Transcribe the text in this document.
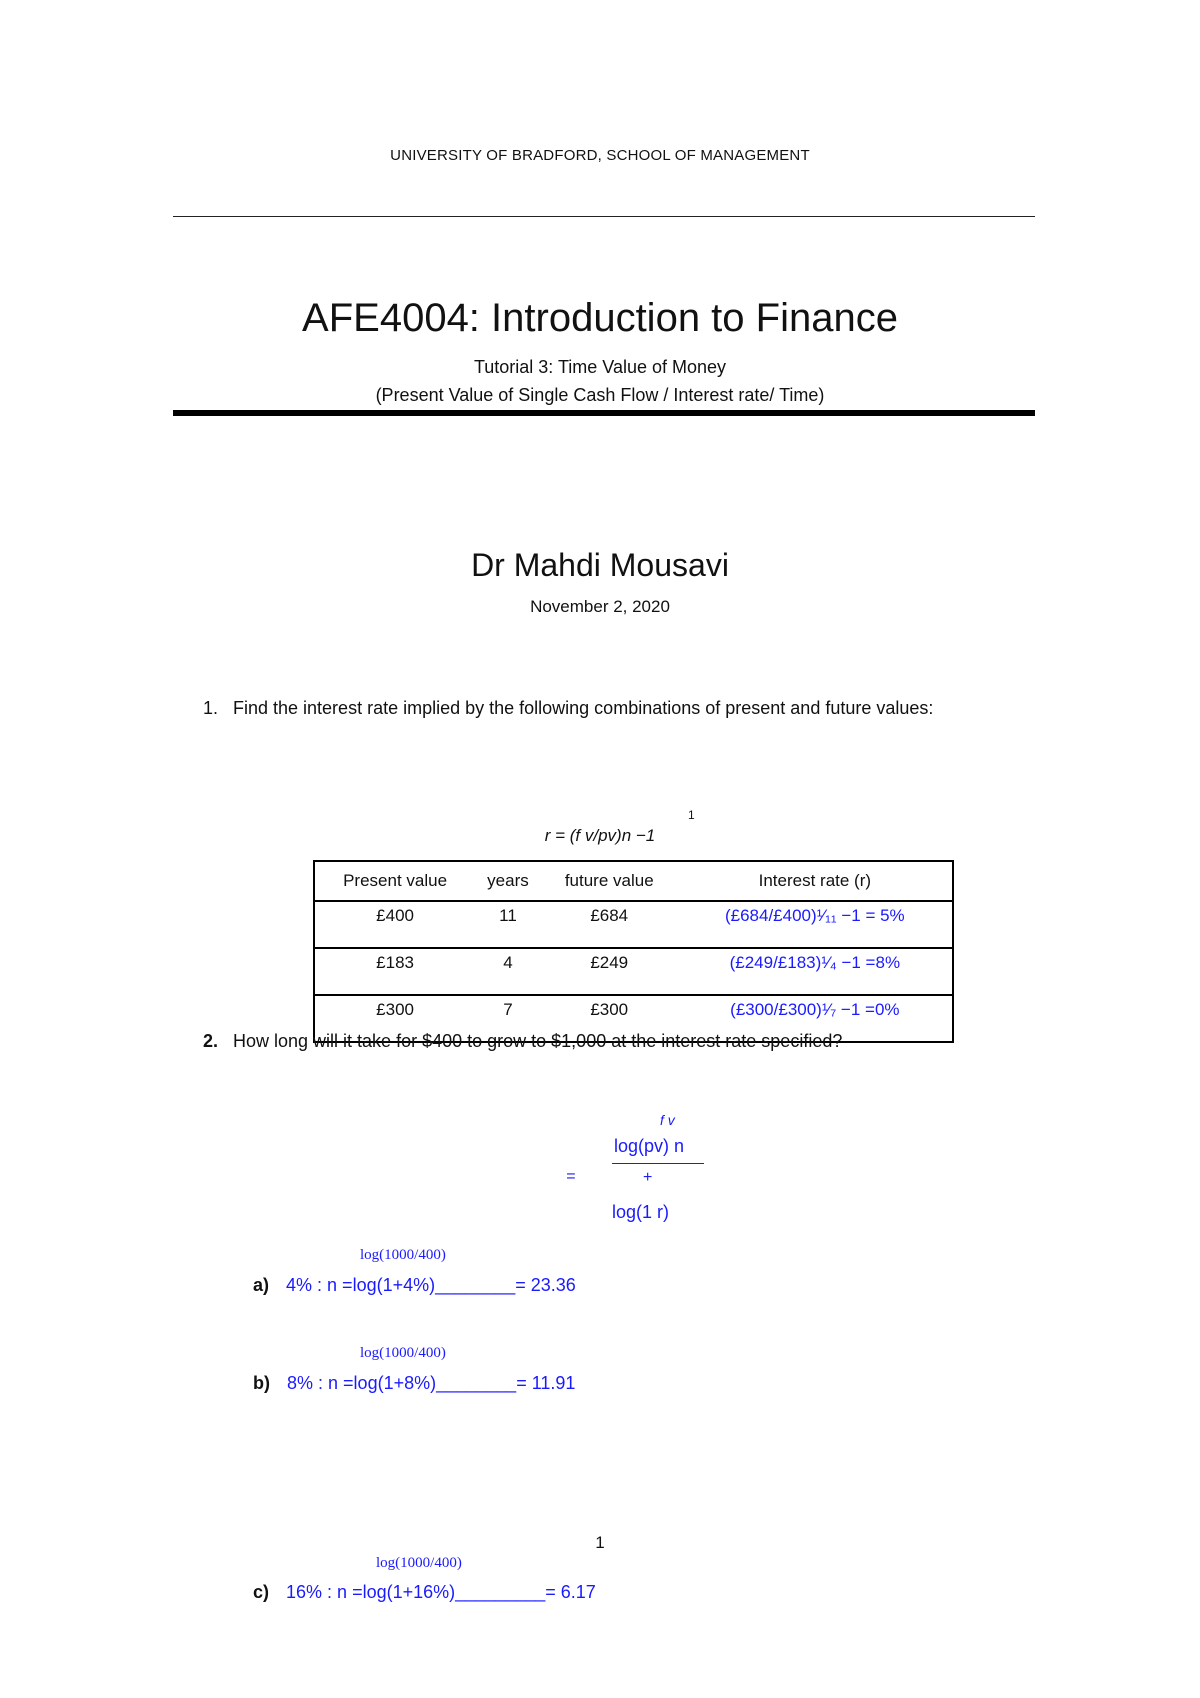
UNIVERSITY OF BRADFORD, SCHOOL OF MANAGEMENT
AFE4004: Introduction to Finance
Tutorial 3: Time Value of Money
(Present Value of Single Cash Flow / Interest rate/ Time)
Dr Mahdi Mousavi
November 2, 2020
1. Find the interest rate implied by the following combinations of present and future values:
1
r = (f v/pv)n −1
Present value	years	future value	Interest rate (r)
£400	11	£684	(£684/£400)¹⁄₁₁ −1 = 5%
£183	4	£249	(£249/£183)¹⁄₄ −1 =8%
£300	7	£300	(£300/£300)¹⁄₇ −1 =0%
2. How long will it take for $400 to grow to $1,000 at the interest rate specified?
f v
log(pv) n
=	+
log(1 r)
log(1000/400)
a) 4% : n =log(1+4%)________= 23.36
log(1000/400)
b) 8% : n =log(1+8%)________= 11.91
1
log(1000/400)
c) 16% : n =log(1+16%)_________= 6.17
